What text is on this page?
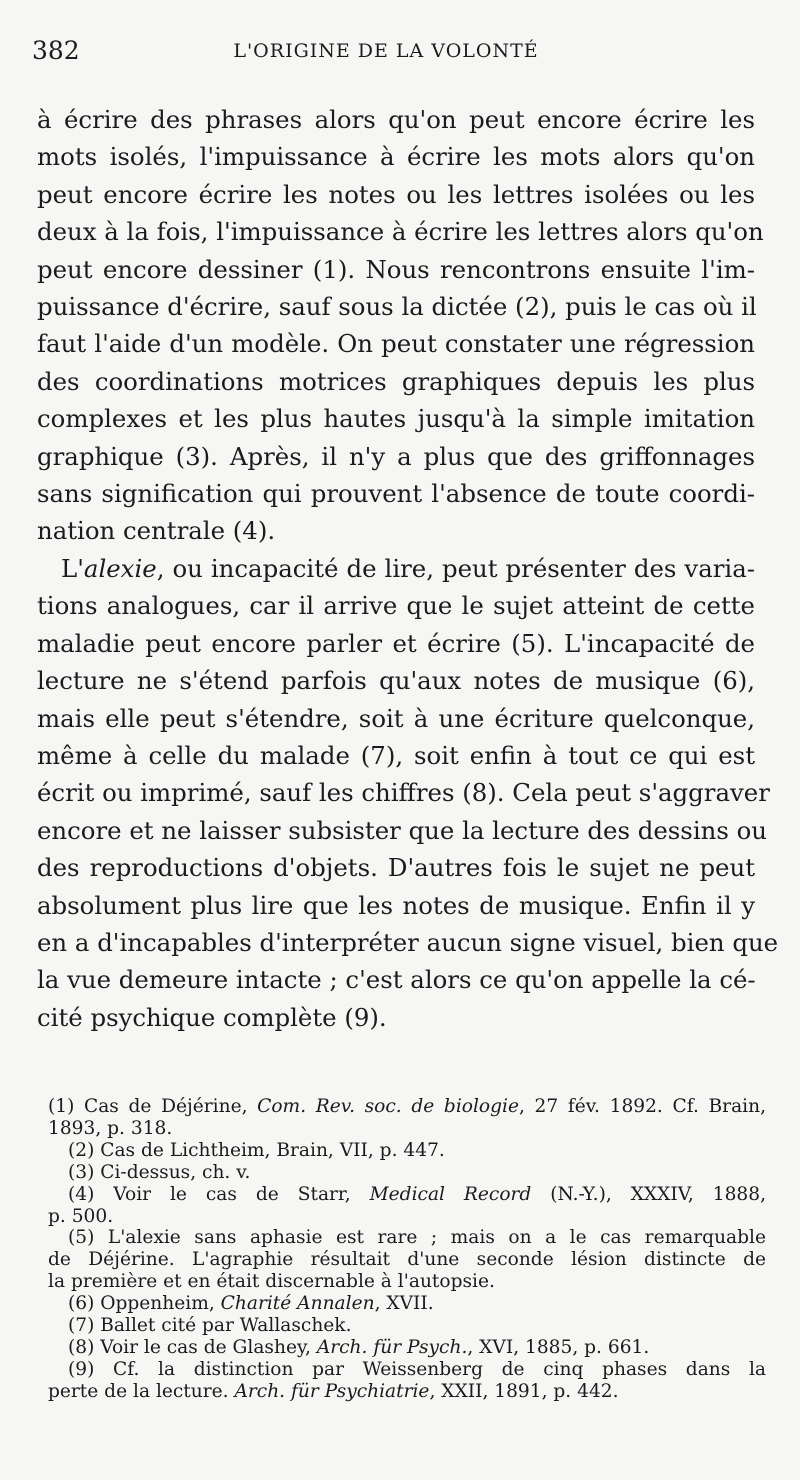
382	L'ORIGINE DE LA VOLONTÉ
à écrire des phrases alors qu'on peut encore écrire les
mots isolés, l'impuissance à écrire les mots alors qu'on
peut encore écrire les notes ou les lettres isolées ou les
deux à la fois, l'impuissance à écrire les lettres alors qu'on
peut encore dessiner (1). Nous rencontrons ensuite l'im-
puissance d'écrire, sauf sous la dictée (2), puis le cas où il
faut l'aide d'un modèle. On peut constater une régression
des coordinations motrices graphiques depuis les plus
complexes et les plus hautes jusqu'à la simple imitation
graphique (3). Après, il n'y a plus que des griffonnages
sans signification qui prouvent l'absence de toute coordi-
nation centrale (4).
L'alexie, ou incapacité de lire, peut présenter des varia-
tions analogues, car il arrive que le sujet atteint de cette
maladie peut encore parler et écrire (5). L'incapacité de
lecture ne s'étend parfois qu'aux notes de musique (6),
mais elle peut s'étendre, soit à une écriture quelconque,
même à celle du malade (7), soit enfin à tout ce qui est
écrit ou imprimé, sauf les chiffres (8). Cela peut s'aggraver
encore et ne laisser subsister que la lecture des dessins ou
des reproductions d'objets. D'autres fois le sujet ne peut
absolument plus lire que les notes de musique. Enfin il y
en a d'incapables d'interpréter aucun signe visuel, bien que
la vue demeure intacte ; c'est alors ce qu'on appelle la cé-
cité psychique complète (9).
(1) Cas de Déjérine, Com. Rev. soc. de biologie, 27 fév. 1892. Cf. Brain,
1893, p. 318.
(2) Cas de Lichtheim, Brain, VII, p. 447.
(3) Ci-dessus, ch. v.
(4) Voir le cas de Starr, Medical Record (N.-Y.), XXXIV, 1888,
p. 500.
(5) L'alexie sans aphasie est rare ; mais on a le cas remarquable
de Déjérine. L'agraphie résultait d'une seconde lésion distincte de
la première et en était discernable à l'autopsie.
(6) Oppenheim, Charité Annalen, XVII.
(7) Ballet cité par Wallaschek.
(8) Voir le cas de Glashey, Arch. für Psych., XVI, 1885, p. 661.
(9) Cf. la distinction par Weissenberg de cinq phases dans la
perte de la lecture. Arch. für Psychiatrie, XXII, 1891, p. 442.
